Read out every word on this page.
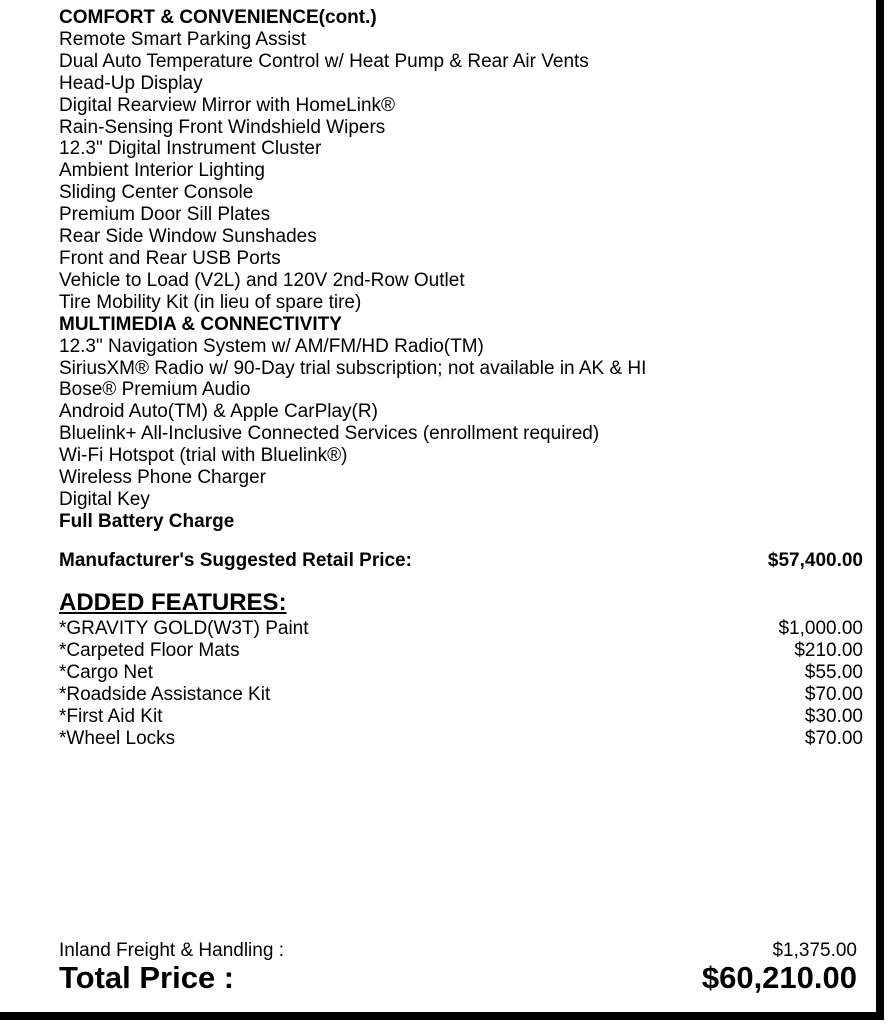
COMFORT & CONVENIENCE(cont.)
Remote Smart Parking Assist
Dual Auto Temperature Control w/ Heat Pump & Rear Air Vents
Head-Up Display
Digital Rearview Mirror with HomeLink®
Rain-Sensing Front Windshield Wipers
12.3" Digital Instrument Cluster
Ambient Interior Lighting
Sliding Center Console
Premium Door Sill Plates
Rear Side Window Sunshades
Front and Rear USB Ports
Vehicle to Load (V2L) and 120V 2nd-Row Outlet
Tire Mobility Kit (in lieu of spare tire)
MULTIMEDIA & CONNECTIVITY
12.3" Navigation System w/ AM/FM/HD Radio(TM)
SiriusXM® Radio w/ 90-Day trial subscription; not available in AK & HI
Bose® Premium Audio
Android Auto(TM) & Apple CarPlay(R)
Bluelink+ All-Inclusive Connected Services (enrollment required)
Wi-Fi Hotspot (trial with Bluelink®)
Wireless Phone Charger
Digital Key
Full Battery Charge
Manufacturer's Suggested Retail Price:	$57,400.00
ADDED FEATURES:
*GRAVITY GOLD(W3T) Paint	$1,000.00
*Carpeted Floor Mats	$210.00
*Cargo Net	$55.00
*Roadside Assistance Kit	$70.00
*First Aid Kit	$30.00
*Wheel Locks	$70.00
Inland Freight & Handling :	$1,375.00
Total Price :	$60,210.00
